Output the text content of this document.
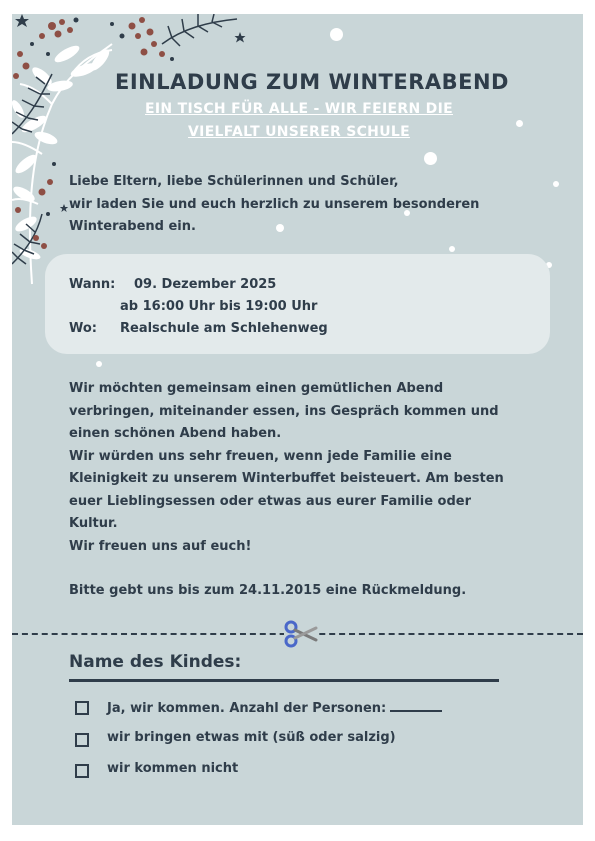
EINLADUNG ZUM WINTERABEND
EIN TISCH FÜR ALLE - WIR FEIERN DIE
VIELFALT UNSERER SCHULE
Liebe Eltern, liebe Schülerinnen und Schüler,
wir laden Sie und euch herzlich zu unserem besonderen
Winterabend ein.
Wann: 09. Dezember 2025
ab 16:00 Uhr bis 19:00 Uhr
Wo: Realschule am Schlehenweg
Wir möchten gemeinsam einen gemütlichen Abend
verbringen, miteinander essen, ins Gespräch kommen und
einen schönen Abend haben.
Wir würden uns sehr freuen, wenn jede Familie eine
Kleinigkeit zu unserem Winterbuffet beisteuert. Am besten
euer Lieblingsessen oder etwas aus eurer Familie oder
Kultur.
Wir freuen uns auf euch!
Bitte gebt uns bis zum 24.11.2015 eine Rückmeldung.
Name des Kindes:
Ja, wir kommen. Anzahl der Personen:
wir bringen etwas mit (süß oder salzig)
wir kommen nicht
